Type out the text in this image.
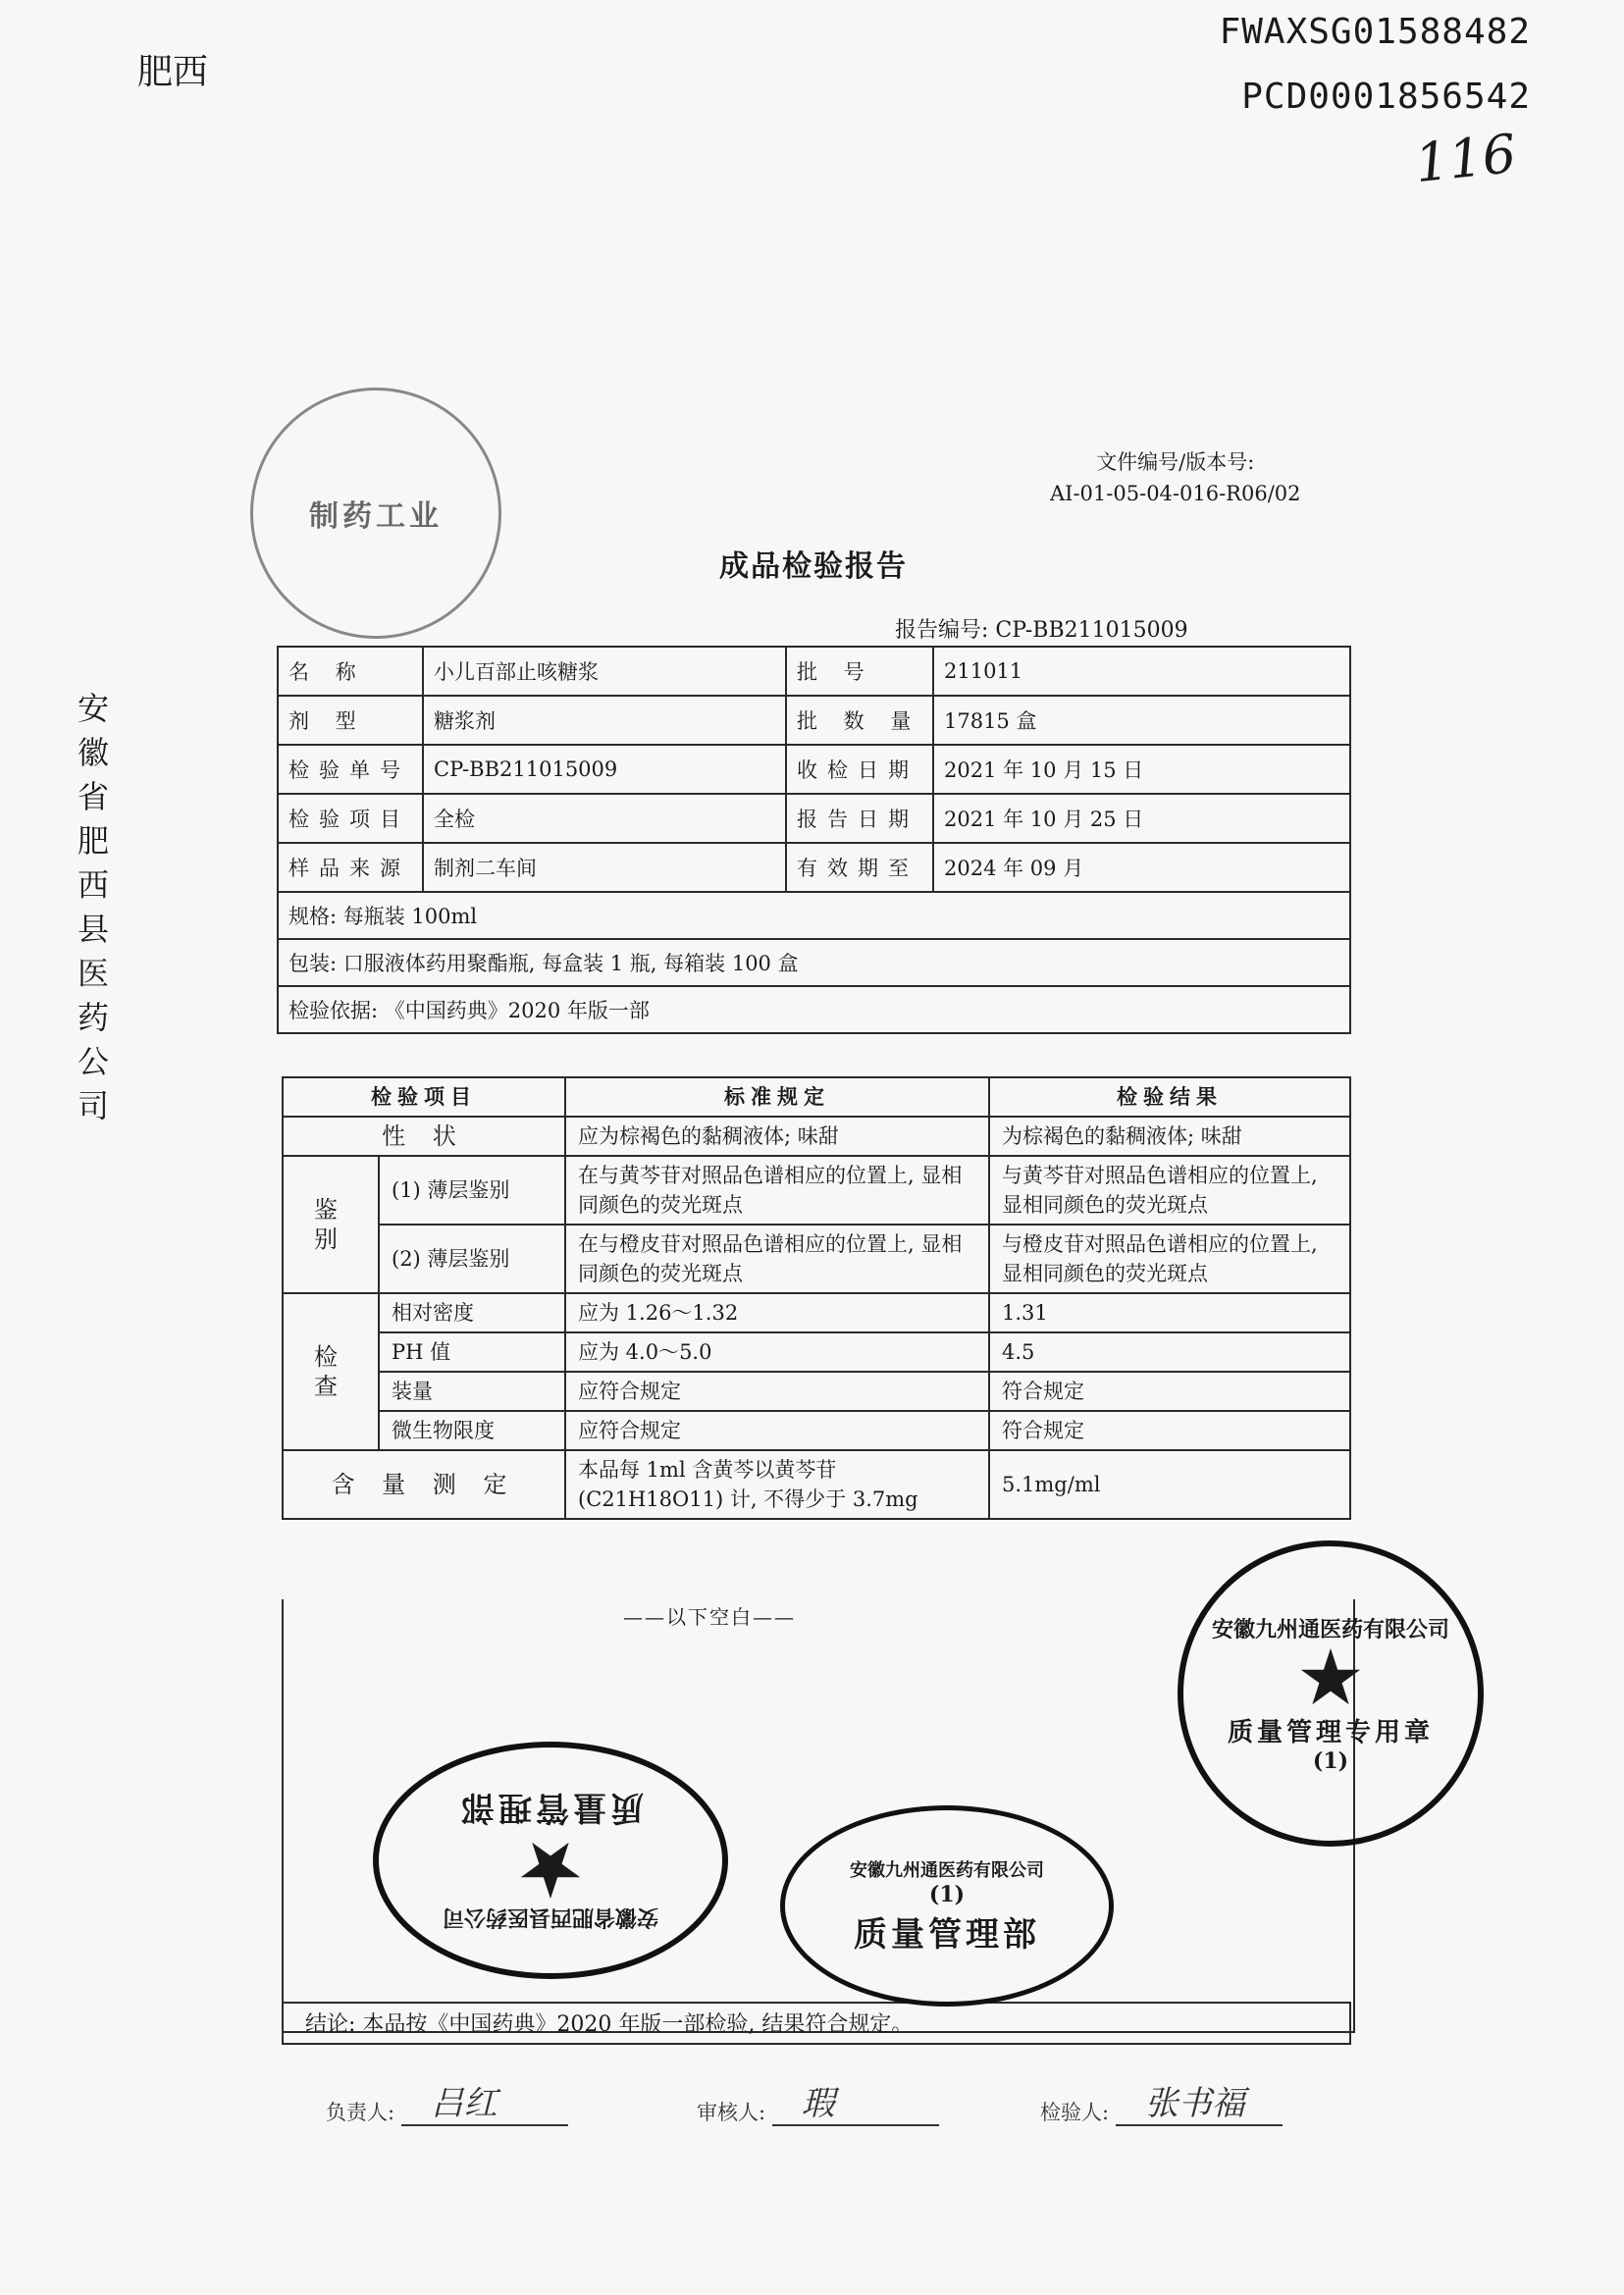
肥西
FWAXSG01588482
PCD0001856542
116
安
徽
省
肥
西
县
医
药
公
司
制药工业
文件编号/版本号:
AI-01-05-04-016-R06/02
成品检验报告
报告编号: CP-BB211015009
名 称	小儿百部止咳糖浆	批 号	211011
剂 型	糖浆剂	批 数 量	17815 盒
检验单号	CP-BB211015009	收检日期	2021 年 10 月 15 日
检验项目	全检	报告日期	2021 年 10 月 25 日
样品来源	制剂二车间	有效期至	2024 年 09 月
规格: 每瓶装 100ml			
包装: 口服液体药用聚酯瓶, 每盒装 1 瓶, 每箱装 100 盒			
检验依据: 《中国药典》2020 年版一部			
检验项目		标准规定	检验结果
性 状		应为棕褐色的黏稠液体; 味甜	为棕褐色的黏稠液体; 味甜
鉴 别	(1) 薄层鉴别	在与黄芩苷对照品色谱相应的位置上, 显相同颜色的荧光斑点	与黄芩苷对照品色谱相应的位置上, 显相同颜色的荧光斑点
	(2) 薄层鉴别	在与橙皮苷对照品色谱相应的位置上, 显相同颜色的荧光斑点	与橙皮苷对照品色谱相应的位置上, 显相同颜色的荧光斑点
检 查	相对密度	应为 1.26～1.32	1.31
	PH 值	应为 4.0～5.0	4.5
	装量	应符合规定	符合规定
	微生物限度	应符合规定	符合规定
含 量 测 定		本品每 1ml 含黄芩以黄芩苷 (C21H18O11) 计, 不得少于 3.7mg	5.1mg/ml
——以下空白——
结论: 本品按《中国药典》2020 年版一部检验, 结果符合规定。
安徽九州通医药有限公司
★
质量管理专用章
(1)
安徽省肥西县医药公司
★
质量管理部
安徽九州通医药有限公司
(1)
质量管理部
负责人: 吕红	审核人: 瑕	检验人: 张书福
